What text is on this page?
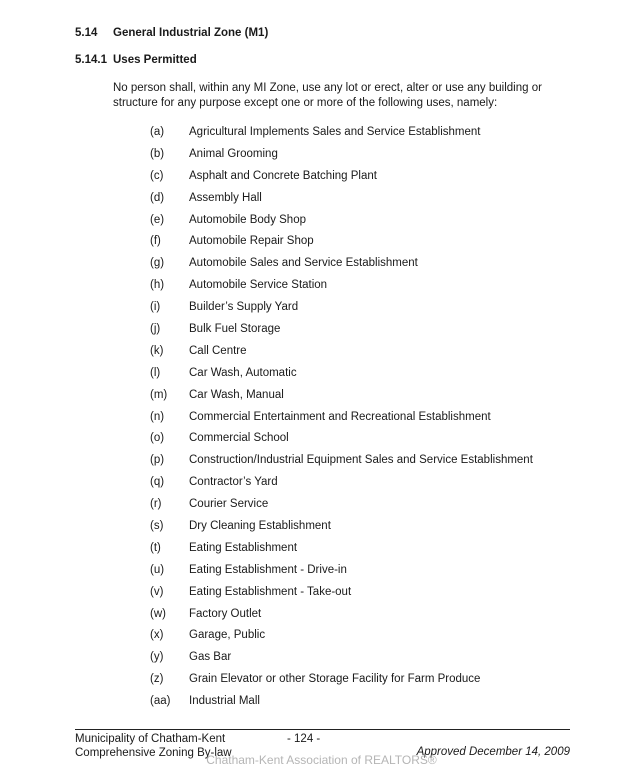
5.14	General Industrial Zone (M1)
5.14.1 Uses Permitted
No person shall, within any MI Zone, use any lot or erect, alter or use any building or structure for any purpose except one or more of the following uses, namely:
(a)	Agricultural Implements Sales and Service Establishment
(b)	Animal Grooming
(c)	Asphalt and Concrete Batching Plant
(d)	Assembly Hall
(e)	Automobile Body Shop
(f)	Automobile Repair Shop
(g)	Automobile Sales and Service Establishment
(h)	Automobile Service Station
(i)	Builder’s Supply Yard
(j)	Bulk Fuel Storage
(k)	Call Centre
(l)	Car Wash, Automatic
(m)	Car Wash, Manual
(n)	Commercial Entertainment and Recreational Establishment
(o)	Commercial School
(p)	Construction/Industrial Equipment Sales and Service Establishment
(q)	Contractor’s Yard
(r)	Courier Service
(s)	Dry Cleaning Establishment
(t)	Eating Establishment
(u)	Eating Establishment - Drive-in
(v)	Eating Establishment - Take-out
(w)	Factory Outlet
(x)	Garage, Public
(y)	Gas Bar
(z)	Grain Elevator or other Storage Facility for Farm Produce
(aa)	Industrial Mall
Municipality of Chatham-Kent
Comprehensive Zoning By-law
- 124 -
Approved December 14, 2009
Chatham-Kent Association of REALTORS®
